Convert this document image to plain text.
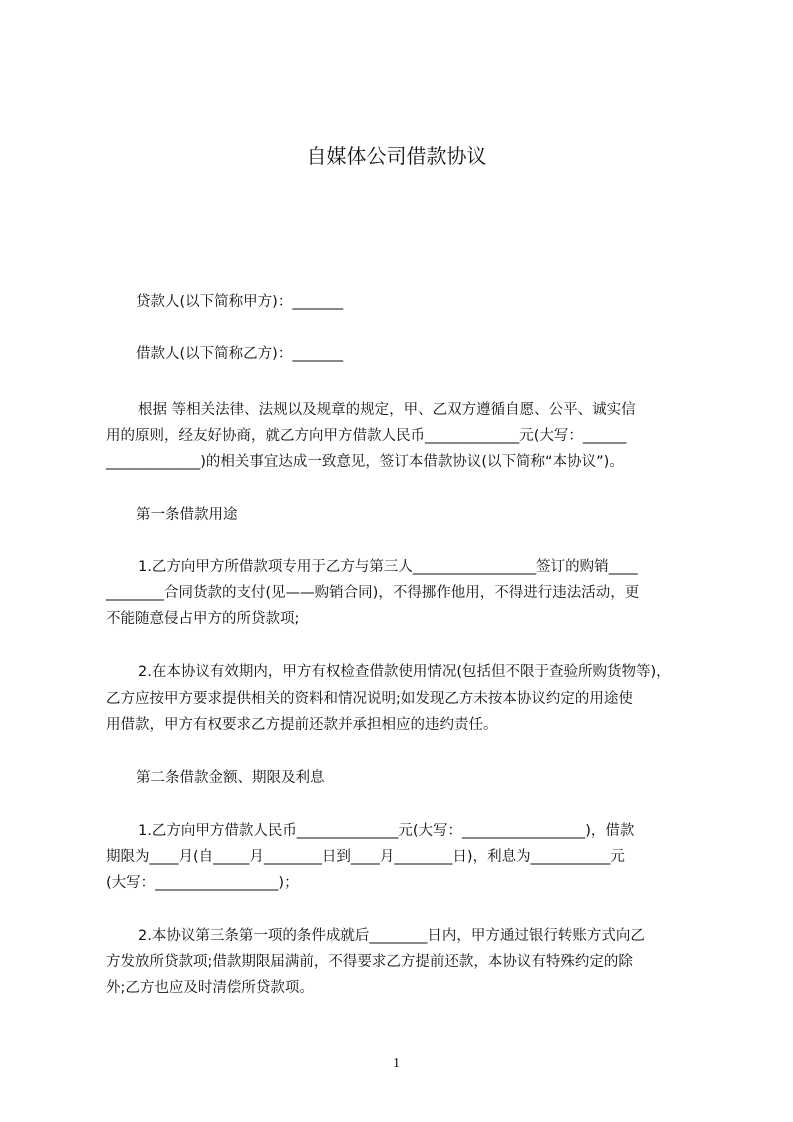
自媒体公司借款协议
贷款人(以下简称甲方)：_______
借款人(以下简称乙方)：_______
根据 等相关法律、法规以及规章的规定，甲、乙双方遵循自愿、公平、诚实信
用的原则，经友好协商，就乙方向甲方借款人民币_____________元(大写：______
_____________)的相关事宜达成一致意见，签订本借款协议(以下简称“本协议”)。
第一条借款用途
1.乙方向甲方所借款项专用于乙方与第三人_________________签订的购销____
________合同货款的支付(见——购销合同)，不得挪作他用，不得进行违法活动，更
不能随意侵占甲方的所贷款项;
2.在本协议有效期内，甲方有权检查借款使用情况(包括但不限于查验所购货物等)，
乙方应按甲方要求提供相关的资料和情况说明;如发现乙方未按本协议约定的用途使
用借款，甲方有权要求乙方提前还款并承担相应的违约责任。
第二条借款金额、期限及利息
1.乙方向甲方借款人民币______________元(大写：_________________)，借款
期限为____月(自_____月________日到____月________日)，利息为___________元
(大写：_________________)；
2.本协议第三条第一项的条件成就后________日内，甲方通过银行转账方式向乙
方发放所贷款项;借款期限届满前，不得要求乙方提前还款，本协议有特殊约定的除
外;乙方也应及时清偿所贷款项。
1
